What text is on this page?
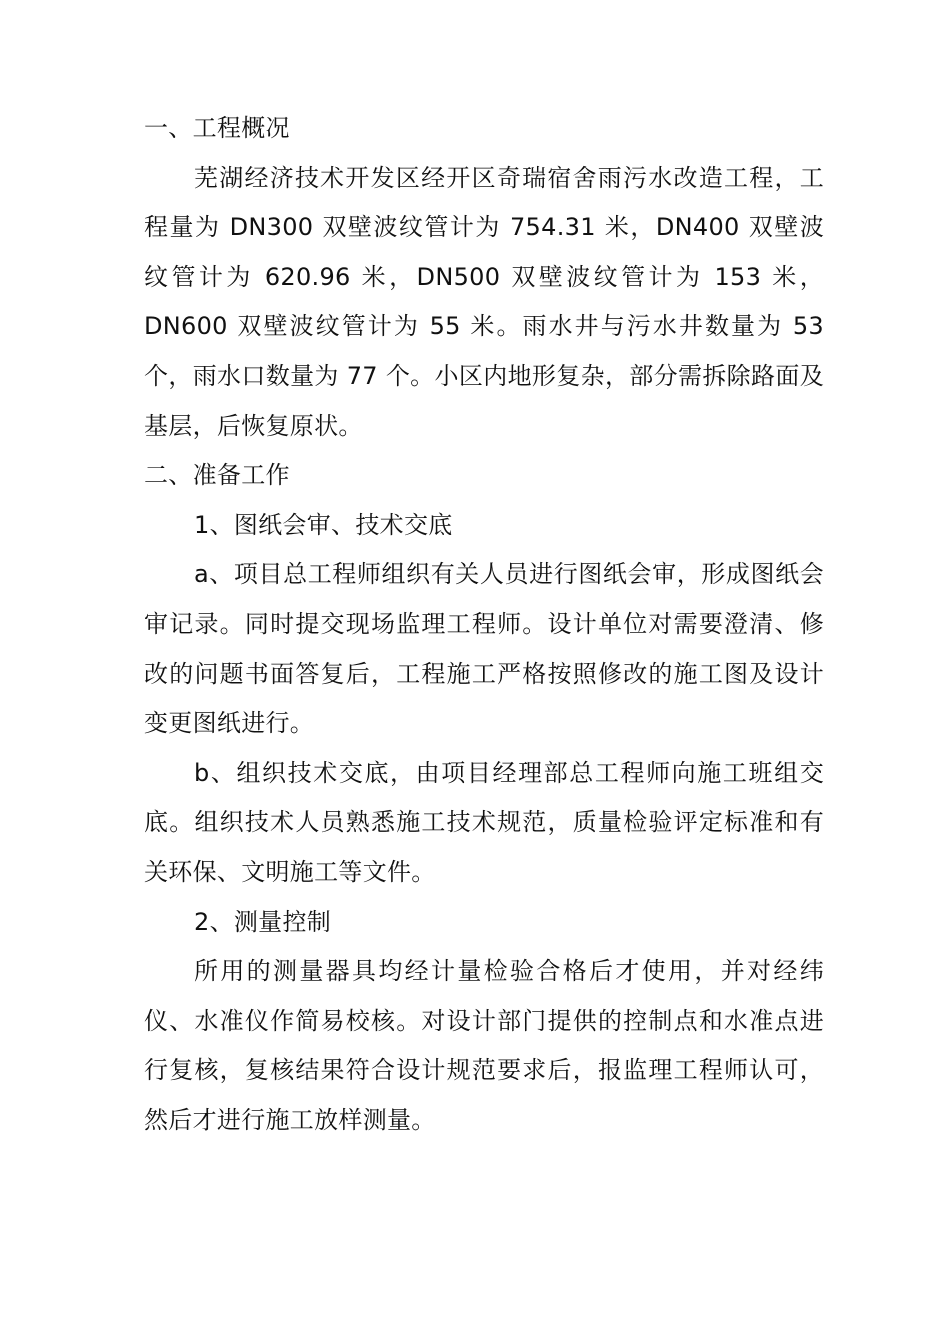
一、工程概况

芜湖经济技术开发区经开区奇瑞宿舍雨污水改造工程，工程量为 DN300 双壁波纹管计为 754.31 米，DN400 双壁波纹管计为 620.96 米，DN500 双壁波纹管计为 153 米，DN600 双壁波纹管计为 55 米。雨水井与污水井数量为 53 个，雨水口数量为 77 个。小区内地形复杂，部分需拆除路面及基层，后恢复原状。

二、准备工作
1、图纸会审、技术交底

a、项目总工程师组织有关人员进行图纸会审，形成图纸会审记录。同时提交现场监理工程师。设计单位对需要澄清、修改的问题书面答复后，工程施工严格按照修改的施工图及设计变更图纸进行。

b、组织技术交底，由项目经理部总工程师向施工班组交底。组织技术人员熟悉施工技术规范，质量检验评定标准和有关环保、文明施工等文件。

2、测量控制

所用的测量器具均经计量检验合格后才使用，并对经纬仪、水准仪作简易校核。对设计部门提供的控制点和水准点进行复核，复核结果符合设计规范要求后，报监理工程师认可，然后才进行施工放样测量。
